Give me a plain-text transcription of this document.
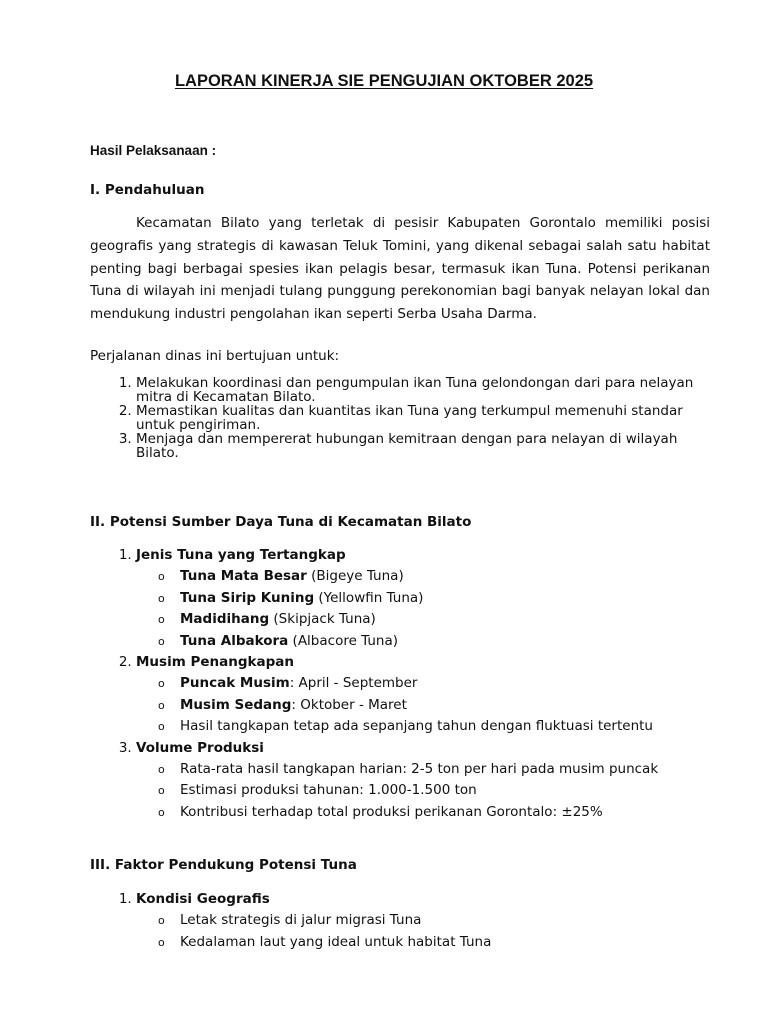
LAPORAN KINERJA SIE PENGUJIAN OKTOBER 2025
Hasil Pelaksanaan :
I. Pendahuluan
Kecamatan Bilato yang terletak di pesisir Kabupaten Gorontalo memiliki posisi geografis yang strategis di kawasan Teluk Tomini, yang dikenal sebagai salah satu habitat penting bagi berbagai spesies ikan pelagis besar, termasuk ikan Tuna. Potensi perikanan Tuna di wilayah ini menjadi tulang punggung perekonomian bagi banyak nelayan lokal dan mendukung industri pengolahan ikan seperti Serba Usaha Darma.
Perjalanan dinas ini bertujuan untuk:
1. Melakukan koordinasi dan pengumpulan ikan Tuna gelondongan dari para nelayan mitra di Kecamatan Bilato.
2. Memastikan kualitas dan kuantitas ikan Tuna yang terkumpul memenuhi standar untuk pengiriman.
3. Menjaga dan mempererat hubungan kemitraan dengan para nelayan di wilayah Bilato.
II. Potensi Sumber Daya Tuna di Kecamatan Bilato
1. Jenis Tuna yang Tertangkap
o Tuna Mata Besar (Bigeye Tuna)
o Tuna Sirip Kuning (Yellowfin Tuna)
o Madidihang (Skipjack Tuna)
o Tuna Albakora (Albacore Tuna)
2. Musim Penangkapan
o Puncak Musim: April - September
o Musim Sedang: Oktober - Maret
o Hasil tangkapan tetap ada sepanjang tahun dengan fluktuasi tertentu
3. Volume Produksi
o Rata-rata hasil tangkapan harian: 2-5 ton per hari pada musim puncak
o Estimasi produksi tahunan: 1.000-1.500 ton
o Kontribusi terhadap total produksi perikanan Gorontalo: ±25%
III. Faktor Pendukung Potensi Tuna
1. Kondisi Geografis
o Letak strategis di jalur migrasi Tuna
o Kedalaman laut yang ideal untuk habitat Tuna
